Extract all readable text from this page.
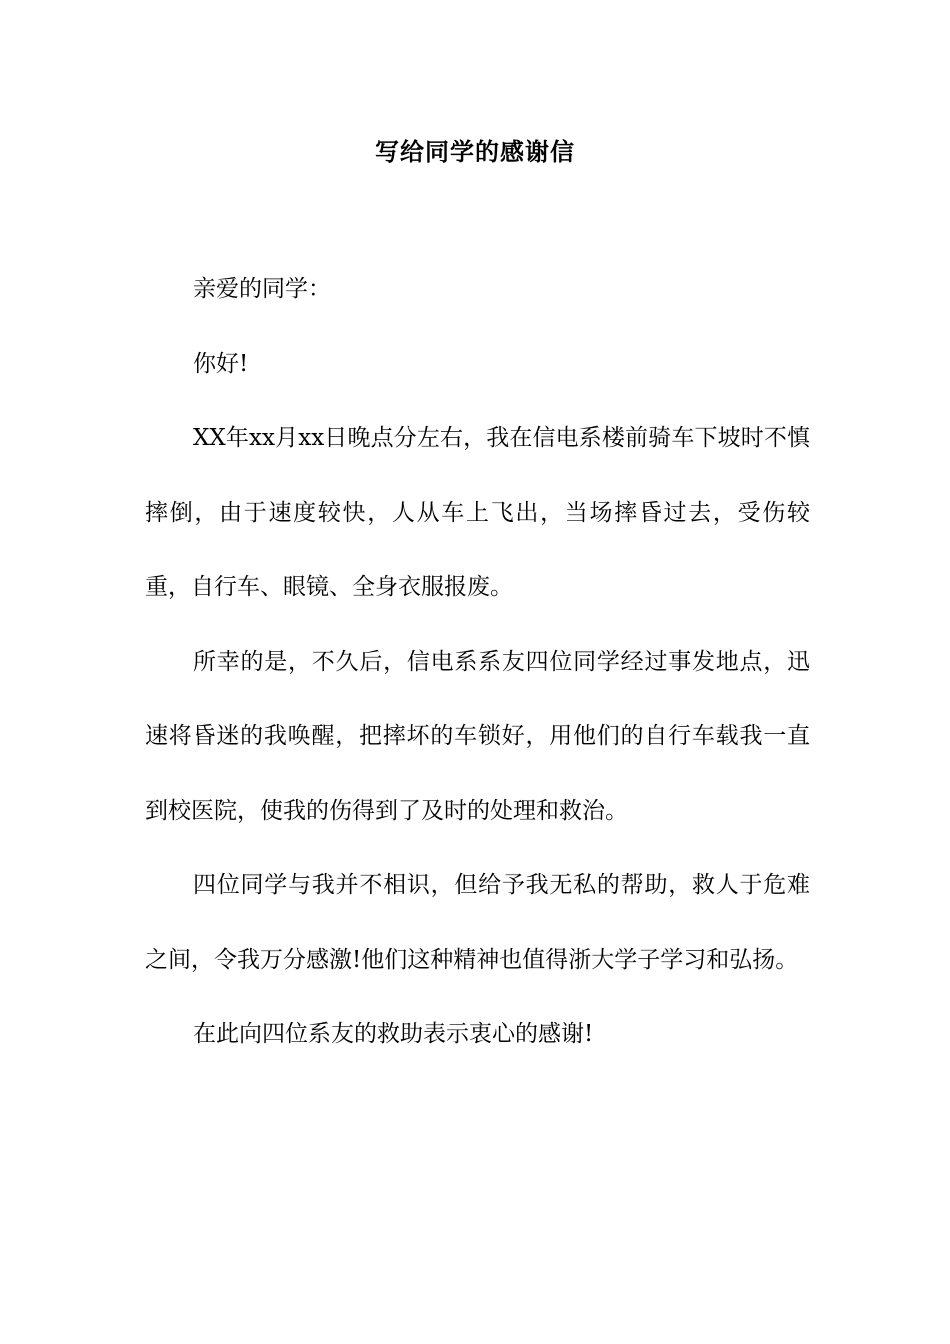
写给同学的感谢信

亲爱的同学：

你好!

XX年xx月xx日晚点分左右，我在信电系楼前骑车下坡时不慎摔倒，由于速度较快，人从车上飞出，当场摔昏过去，受伤较重，自行车、眼镜、全身衣服报废。

所幸的是，不久后，信电系系友四位同学经过事发地点，迅速将昏迷的我唤醒，把摔坏的车锁好，用他们的自行车载我一直到校医院，使我的伤得到了及时的处理和救治。

四位同学与我并不相识，但给予我无私的帮助，救人于危难之间，令我万分感激!他们这种精神也值得浙大学子学习和弘扬。

在此向四位系友的救助表示衷心的感谢!
